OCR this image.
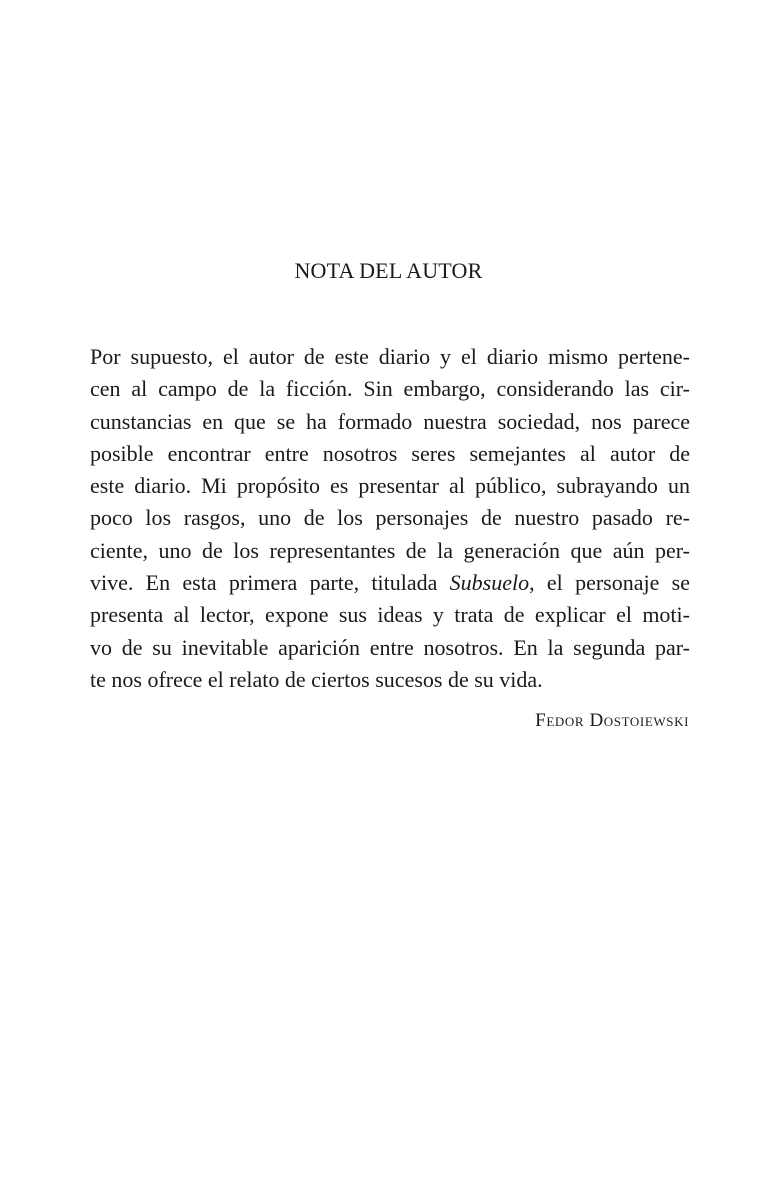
NOTA DEL AUTOR
Por supuesto, el autor de este diario y el diario mismo pertene-
cen al campo de la ficción. Sin embargo, considerando las cir-
cunstancias en que se ha formado nuestra sociedad, nos parece
posible encontrar entre nosotros seres semejantes al autor de
este diario. Mi propósito es presentar al público, subrayando un
poco los rasgos, uno de los personajes de nuestro pasado re-
ciente, uno de los representantes de la generación que aún per-
vive. En esta primera parte, titulada Subsuelo, el personaje se
presenta al lector, expone sus ideas y trata de explicar el moti-
vo de su inevitable aparición entre nosotros. En la segunda par-
te nos ofrece el relato de ciertos sucesos de su vida.
Fedor Dostoiewski
